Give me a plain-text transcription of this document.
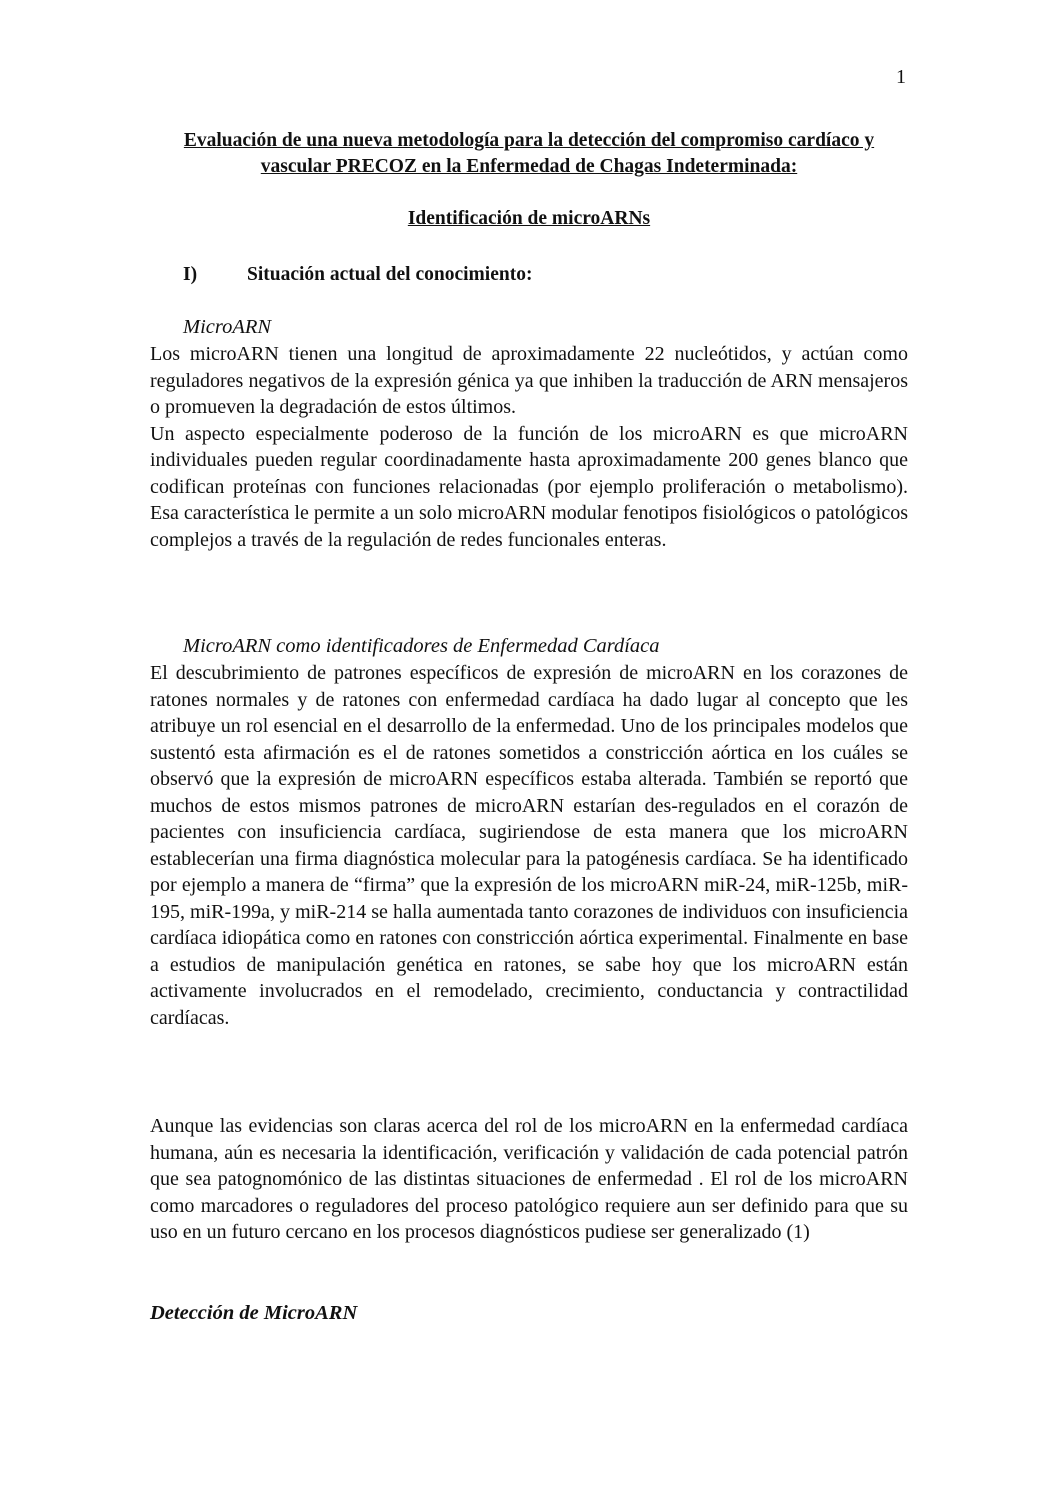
1
Evaluación de una nueva metodología para la detección del compromiso cardíaco y vascular PRECOZ en la Enfermedad de Chagas Indeterminada:
Identificación de microARNs
I)	Situación actual del conocimiento:
MicroARN

Los microARN tienen una longitud de aproximadamente 22 nucleótidos, y actúan como reguladores negativos de la expresión génica ya que inhiben la traducción de ARN mensajeros o promueven la degradación de estos últimos.

Un aspecto especialmente poderoso de la función de los microARN es que microARN individuales pueden regular coordinadamente hasta aproximadamente 200 genes blanco que codifican proteínas con funciones relacionadas (por ejemplo proliferación o metabolismo). Esa característica le permite a un solo microARN modular fenotipos fisiológicos o patológicos complejos a través de la regulación de redes funcionales enteras.

MicroARN como identificadores de Enfermedad Cardíaca

El descubrimiento de patrones específicos de expresión de microARN en los corazones de ratones normales y de ratones con enfermedad cardíaca ha dado lugar al concepto que les atribuye un rol esencial en el desarrollo de la enfermedad. Uno de los principales modelos que sustentó esta afirmación es el de ratones sometidos a constricción aórtica en los cuáles se observó que la expresión de microARN específicos estaba alterada. También se reportó que muchos de estos mismos patrones de microARN estarían des-regulados en el corazón de pacientes con insuficiencia cardíaca, sugiriendose de esta manera que los microARN establecerían una firma diagnóstica molecular para la patogénesis cardíaca. Se ha identificado por ejemplo a manera de “firma” que la expresión de los microARN miR-24, miR-125b, miR-195, miR-199a, y miR-214 se halla aumentada tanto corazones de individuos con insuficiencia cardíaca idiopática como en ratones con constricción aórtica experimental. Finalmente en base a estudios de manipulación genética en ratones, se sabe hoy que los microARN están activamente involucrados en el remodelado, crecimiento, conductancia y contractilidad cardíacas.

Aunque las evidencias son claras acerca del rol de los microARN en la enfermedad cardíaca humana, aún es necesaria la identificación, verificación y validación de cada potencial patrón que sea patognomónico de las distintas situaciones de enfermedad . El rol de los microARN como marcadores o reguladores del proceso patológico requiere aun ser definido para que su uso en un futuro cercano en los procesos diagnósticos pudiese ser generalizado (1)

Detección de MicroARN
